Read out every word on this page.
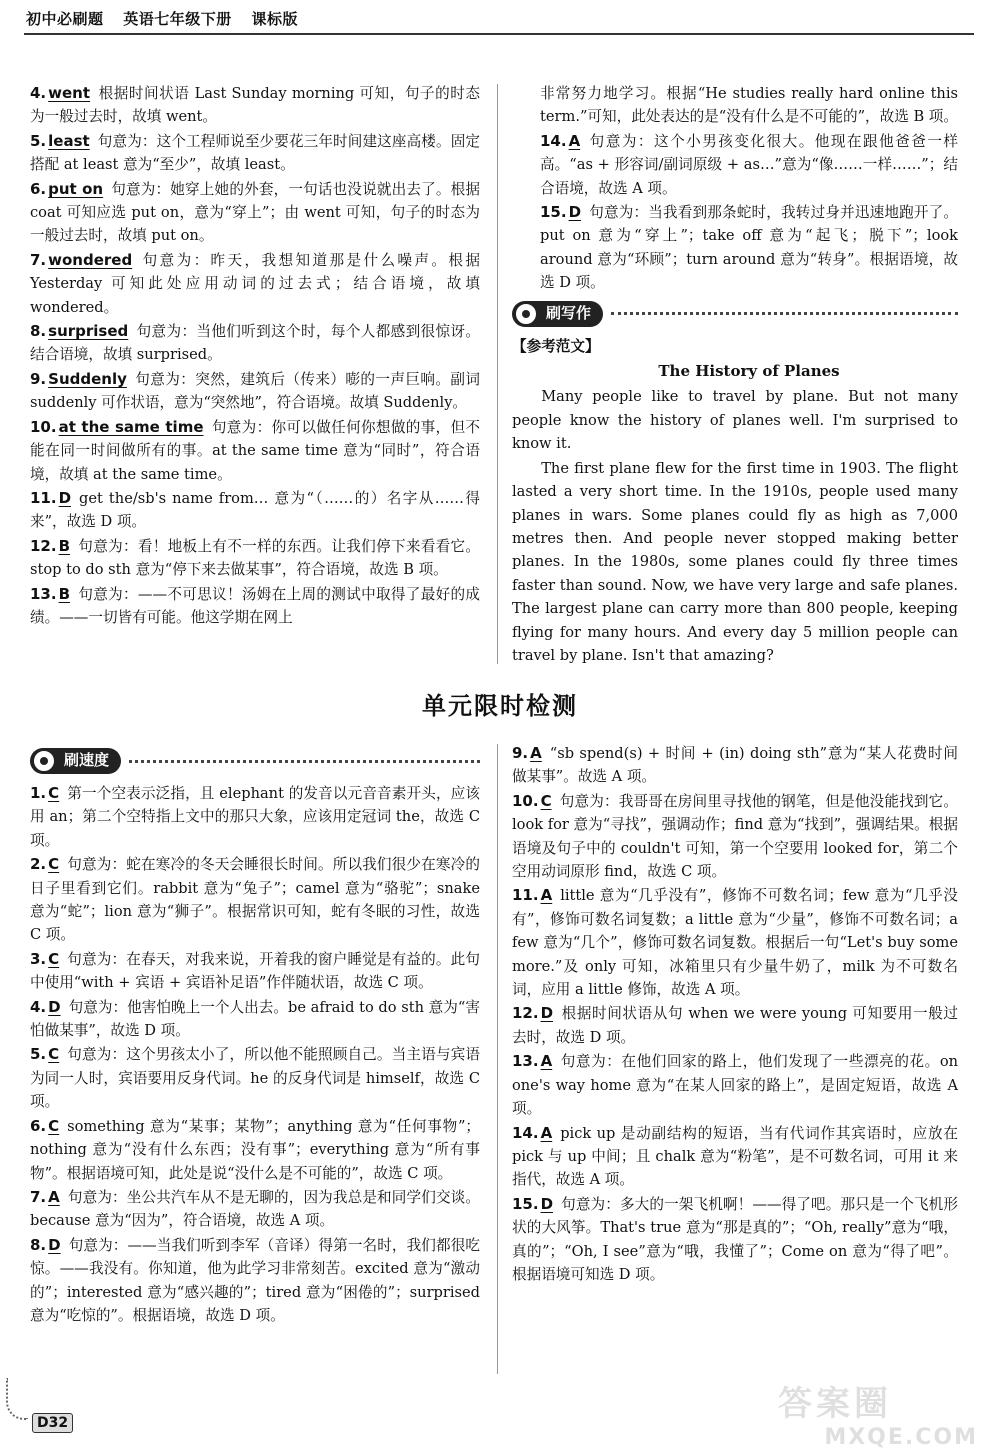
初中必刷题 英语七年级下册 课标版

4. went 根据时间状语 Last Sunday morning 可知，句子的时态为一般过去时，故填 went。

5. least 句意为：这个工程师说至少要花三年时间建这座高楼。固定搭配 at least 意为“至少”，故填 least。

6. put on 句意为：她穿上她的外套，一句话也没说就出去了。根据 coat 可知应选 put on，意为“穿上”；由 went 可知，句子的时态为一般过去时，故填 put on。

7. wondered 句意为：昨天，我想知道那是什么噪声。根据 Yesterday 可知此处应用动词的过去式；结合语境，故填 wondered。

8. surprised 句意为：当他们听到这个时，每个人都感到很惊讶。结合语境，故填 surprised。

9. Suddenly 句意为：突然，建筑后（传来）嘭的一声巨响。副词 suddenly 可作状语，意为“突然地”，符合语境。故填 Suddenly。

10. at the same time 句意为：你可以做任何你想做的事，但不能在同一时间做所有的事。at the same time 意为“同时”，符合语境，故填 at the same time。

11. D get the/sb's name from… 意为“（……的）名字从……得来”，故选 D 项。

12. B 句意为：看！地板上有不一样的东西。让我们停下来看看它。stop to do sth 意为“停下来去做某事”，符合语境，故选 B 项。

13. B 句意为：——不可思议！汤姆在上周的测试中取得了最好的成绩。——一切皆有可能。他这学期在网上

非常努力地学习。根据“He studies really hard online this term.”可知，此处表达的是“没有什么是不可能的”，故选 B 项。

14. A 句意为：这个小男孩变化很大。他现在跟他爸爸一样高。“as + 形容词/副词原级 + as…”意为“像……一样……”；结合语境，故选 A 项。

15. D 句意为：当我看到那条蛇时，我转过身并迅速地跑开了。put on 意为“穿上”；take off 意为“起飞；脱下”；look around 意为“环顾”；turn around 意为“转身”。根据语境，故选 D 项。

刷写作
【参考范文】
The History of Planes

Many people like to travel by plane. But not many people know the history of planes well. I'm surprised to know it.

The first plane flew for the first time in 1903. The flight lasted a very short time. In the 1910s, people used many planes in wars. Some planes could fly as high as 7,000 metres then. And people never stopped making better planes. In the 1980s, some planes could fly three times faster than sound. Now, we have very large and safe planes. The largest plane can carry more than 800 people, keeping flying for many hours. And every day 5 million people can travel by plane. Isn't that amazing?

单元限时检测
刷速度

1. C 第一个空表示泛指，且 elephant 的发音以元音音素开头，应该用 an；第二个空特指上文中的那只大象，应该用定冠词 the，故选 C 项。

2. C 句意为：蛇在寒冷的冬天会睡很长时间。所以我们很少在寒冷的日子里看到它们。rabbit 意为“兔子”；camel 意为“骆驼”；snake 意为“蛇”；lion 意为“狮子”。根据常识可知，蛇有冬眠的习性，故选 C 项。

3. C 句意为：在春天，对我来说，开着我的窗户睡觉是有益的。此句中使用“with + 宾语 + 宾语补足语”作伴随状语，故选 C 项。

4. D 句意为：他害怕晚上一个人出去。be afraid to do sth 意为“害怕做某事”，故选 D 项。

5. C 句意为：这个男孩太小了，所以他不能照顾自己。当主语与宾语为同一人时，宾语要用反身代词。he 的反身代词是 himself，故选 C 项。

6. C something 意为“某事；某物”；anything 意为“任何事物”；nothing 意为“没有什么东西；没有事”；everything 意为“所有事物”。根据语境可知，此处是说“没什么是不可能的”，故选 C 项。

7. A 句意为：坐公共汽车从不是无聊的，因为我总是和同学们交谈。because 意为“因为”，符合语境，故选 A 项。

8. D 句意为：——当我们听到李军（音译）得第一名时，我们都很吃惊。——我没有。你知道，他为此学习非常刻苦。excited 意为“激动的”；interested 意为“感兴趣的”；tired 意为“困倦的”；surprised 意为“吃惊的”。根据语境，故选 D 项。

9. A “sb spend(s) + 时间 + (in) doing sth”意为“某人花费时间做某事”。故选 A 项。

10. C 句意为：我哥哥在房间里寻找他的钢笔，但是他没能找到它。look for 意为“寻找”，强调动作；find 意为“找到”，强调结果。根据语境及句子中的 couldn't 可知，第一个空要用 looked for，第二个空用动词原形 find，故选 C 项。

11. A little 意为“几乎没有”，修饰不可数名词；few 意为“几乎没有”，修饰可数名词复数；a little 意为“少量”，修饰不可数名词；a few 意为“几个”，修饰可数名词复数。根据后一句“Let's buy some more.”及 only 可知，冰箱里只有少量牛奶了，milk 为不可数名词，应用 a little 修饰，故选 A 项。

12. D 根据时间状语从句 when we were young 可知要用一般过去时，故选 D 项。

13. A 句意为：在他们回家的路上，他们发现了一些漂亮的花。on one's way home 意为“在某人回家的路上”，是固定短语，故选 A 项。

14. A pick up 是动副结构的短语，当有代词作其宾语时，应放在 pick 与 up 中间；且 chalk 意为“粉笔”，是不可数名词，可用 it 来指代，故选 A 项。

15. D 句意为：多大的一架飞机啊！——得了吧。那只是一个飞机形状的大风筝。That's true 意为“那是真的”；“Oh, really”意为“哦，真的”；“Oh, I see”意为“哦，我懂了”；Come on 意为“得了吧”。根据语境可知选 D 项。

D32	答案圈
MXQE.COM
